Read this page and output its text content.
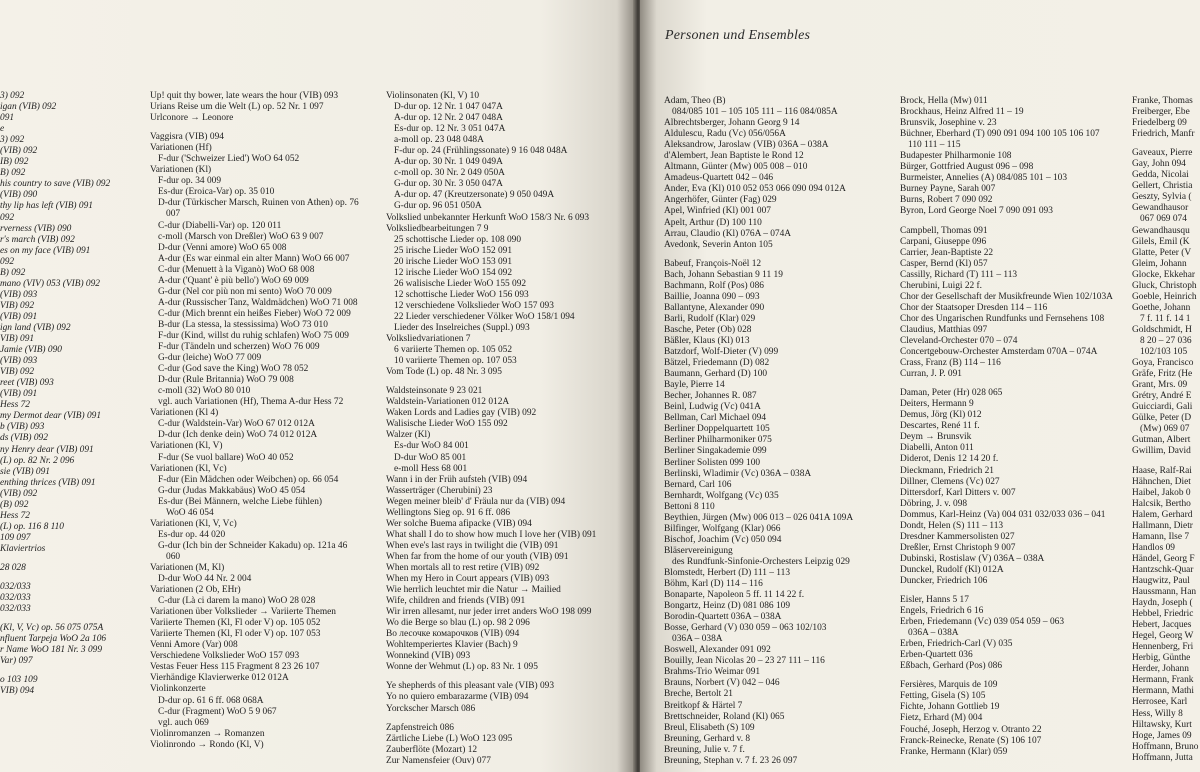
3) 092
igan (VIB) 092
091
e
3) 092
(VIB) 092
IB) 092
B) 092
his country to save (VIB) 092
(VIB) 090
thy lip has left (VIB) 091
092
rverness (VIB) 090
r's march (VIB) 092
es on my face (VIB) 091
092
B) 092
mano (VIV) 053 (VIB) 092
(VIB) 093
VIB) 092
(VIB) 091
ign land (VIB) 092
VIB) 091
Jamie (VIB) 090
(VIB) 093
VIB) 092
reet (VIB) 093
(VIB) 091
Hess 72
my Dermot dear (VIB) 091
b (VIB) 093
ds (VIB) 092
ny Henry dear (VIB) 091
(L) op. 82 Nr. 2 096
sie (VIB) 091
enthing thrices (VIB) 091
(VIB) 092
(B) 092
Hess 72
(L) op. 116 8 110
109 097
Klaviertrios
28 028
032/033
032/033
032/033
(Kl, V, Vc) op. 56 075 075A
nfluent Tarpeja WoO 2a 106
r Name WoO 181 Nr. 3 099
Var) 097
o 103 109
VIB) 094
Up! quit thy bower, late wears the hour (VIB) 093
Urians Reise um die Welt (L) op. 52 Nr. 1 097
Urlconore → Leonore
Vaggisra (VIB) 094
Variationen (Hf)
F-dur ('Schweizer Lied') WoO 64 052
Variationen (Kl)
F-dur op. 34 009
Es-dur (Eroica-Var) op. 35 010
D-dur (Türkischer Marsch, Ruinen von Athen) op. 76
007
C-dur (Diabelli-Var) op. 120 011
c-moll (Marsch von Dreßler) WoO 63 9 007
D-dur (Venni amore) WoO 65 008
A-dur (Es war einmal ein alter Mann) WoO 66 007
C-dur (Menuett à la Viganò) WoO 68 008
A-dur ('Quant' è più bello') WoO 69 009
G-dur (Nel cor più non mi sento) WoO 70 009
A-dur (Russischer Tanz, Waldmädchen) WoO 71 008
C-dur (Mich brennt ein heißes Fieber) WoO 72 009
B-dur (La stessa, la stessissima) WoO 73 010
F-dur (Kind, willst du ruhig schlafen) WoO 75 009
F-dur (Tändeln und scherzen) WoO 76 009
G-dur (leiche) WoO 77 009
C-dur (God save the King) WoO 78 052
D-dur (Rule Britannia) WoO 79 008
c-moll (32) WoO 80 010
vgl. auch Variationen (Hf), Thema A-dur Hess 72
Variationen (Kl 4)
C-dur (Waldstein-Var) WoO 67 012 012A
D-dur (Ich denke dein) WoO 74 012 012A
Variationen (Kl, V)
F-dur (Se vuol ballare) WoO 40 052
Variationen (Kl, Vc)
F-dur (Ein Mädchen oder Weibchen) op. 66 054
G-dur (Judas Makkabäus) WoO 45 054
Es-dur (Bei Männern, welche Liebe fühlen)
WoO 46 054
Variationen (Kl, V, Vc)
Es-dur op. 44 020
G-dur (Ich bin der Schneider Kakadu) op. 121a 46
060
Variationen (M, Kl)
D-dur WoO 44 Nr. 2 004
Variationen (2 Ob, EHr)
C-dur (Là ci darem la mano) WoO 28 028
Variationen über Volkslieder → Variierte Themen
Variierte Themen (Kl, Fl oder V) op. 105 052
Variierte Themen (Kl, Fl oder V) op. 107 053
Venni Amore (Var) 008
Verschiedene Volkslieder WoO 157 093
Vestas Feuer Hess 115 Fragment 8 23 26 107
Vierhändige Klavierwerke 012 012A
Violinkonzerte
D-dur op. 61 6 ff. 068 068A
C-dur (Fragment) WoO 5 9 067
vgl. auch 069
Violinromanzen → Romanzen
Violinrondo → Rondo (Kl, V)
Violinsonaten (Kl, V) 10
D-dur op. 12 Nr. 1 047 047A
A-dur op. 12 Nr. 2 047 048A
Es-dur op. 12 Nr. 3 051 047A
a-moll op. 23 048 048A
F-dur op. 24 (Frühlingssonate) 9 16 048 048A
A-dur op. 30 Nr. 1 049 049A
c-moll op. 30 Nr. 2 049 050A
G-dur op. 30 Nr. 3 050 047A
A-dur op. 47 (Kreutzersonate) 9 050 049A
G-dur op. 96 051 050A
Volkslied unbekannter Herkunft WoO 158/3 Nr. 6 093
Volksliedbearbeitungen 7 9
25 schottische Lieder op. 108 090
25 irische Lieder WoO 152 091
20 irische Lieder WoO 153 091
12 irische Lieder WoO 154 092
26 walisische Lieder WoO 155 092
12 schottische Lieder WoO 156 093
12 verschiedene Volkslieder WoO 157 093
22 Lieder verschiedener Völker WoO 158/1 094
Lieder des Inselreiches (Suppl.) 093
Volksliedvariationen 7
6 variierte Themen op. 105 052
10 variierte Themen op. 107 053
Vom Tode (L) op. 48 Nr. 3 095
Waldsteinsonate 9 23 021
Waldstein-Variationen 012 012A
Waken Lords and Ladies gay (VIB) 092
Walisische Lieder WoO 155 092
Walzer (Kl)
Es-dur WoO 84 001
D-dur WoO 85 001
e-moll Hess 68 001
Wann i in der Früh aufsteh (VIB) 094
Wasserträger (Cherubini) 23
Wegen meiner bleib' d' Fräula nur da (VIB) 094
Wellingtons Sieg op. 91 6 ff. 086
Wer solche Buema afipacke (VIB) 094
What shall I do to show how much I love her (VIB) 091
When eve's last rays in twilight die (VIB) 091
When far from the home of our youth (VIB) 091
When mortals all to rest retire (VIB) 092
When my Hero in Court appears (VIB) 093
Wie herrlich leuchtet mir die Natur → Mailied
Wife, children and friends (VIB) 091
Wir irren allesamt, nur jeder irret anders WoO 198 099
Wo die Berge so blau (L) op. 98 2 096
Во лесочке комарочков (VIB) 094
Wohltemperiertes Klavier (Bach) 9
Wonnekind (VIB) 093
Wonne der Wehmut (L) op. 83 Nr. 1 095
Ye shepherds of this pleasant vale (VIB) 093
Yo no quiero embarazarme (VIB) 094
Yorckscher Marsch 086
Zapfenstreich 086
Zärtliche Liebe (L) WoO 123 095
Zauberflöte (Mozart) 12
Zur Namensfeier (Ouv) 077
Adam, Theo (B)
084/085 101 – 105 105 111 – 116 084/085A
Albrechtsberger, Johann Georg 9 14
Aldulescu, Radu (Vc) 056/056A
Aleksandrow, Jaroslaw (VIB) 036A – 038A
d'Alembert, Jean Baptiste le Rond 12
Altmann, Günter (Mw) 005 008 – 010
Amadeus-Quartett 042 – 046
Ander, Eva (Kl) 010 052 053 066 090 094 012A
Angerhöfer, Günter (Fag) 029
Apel, Winfried (Kl) 001 007
Apelt, Arthur (D) 100 110
Arrau, Claudio (Kl) 076A – 074A
Avedonk, Severin Anton 105
Babeuf, François-Noël 12
Bach, Johann Sebastian 9 11 19
Bachmann, Rolf (Pos) 086
Baillie, Joanna 090 – 093
Ballantyne, Alexander 090
Barli, Rudolf (Klar) 029
Basche, Peter (Ob) 028
Bäßler, Klaus (Kl) 013
Batzdorf, Wolf-Dieter (V) 099
Bätzel, Friedemann (D) 082
Baumann, Gerhard (D) 100
Bayle, Pierre 14
Becher, Johannes R. 087
Beinl, Ludwig (Vc) 041A
Bellman, Carl Michael 094
Berliner Doppelquartett 105
Berliner Philharmoniker 075
Berliner Singakademie 099
Berliner Solisten 099 100
Berlinski, Wladimir (Vc) 036A – 038A
Bernard, Carl 106
Bernhardt, Wolfgang (Vc) 035
Bettoni 8 110
Beythien, Jürgen (Mw) 006 013 – 026 041A 109A
Bilfinger, Wolfgang (Klar) 066
Bischof, Joachim (Vc) 050 094
Bläservereinigung
des Rundfunk-Sinfonie-Orchesters Leipzig 029
Blomstedt, Herbert (D) 111 – 113
Böhm, Karl (D) 114 – 116
Bonaparte, Napoleon 5 ff. 11 14 22 f.
Bongartz, Heinz (D) 081 086 109
Borodin-Quartett 036A – 038A
Bosse, Gerhard (V) 030 059 – 063 102/103
036A – 038A
Boswell, Alexander 091 092
Bouilly, Jean Nicolas 20 – 23 27 111 – 116
Brahms-Trio Weimar 091
Brauns, Norbert (V) 042 – 046
Breche, Bertolt 21
Breitkopf & Härtel 7
Brettschneider, Roland (Kl) 065
Breul, Elisabeth (S) 109
Breuning, Gerhard v. 8
Breuning, Julie v. 7 f.
Breuning, Stephan v. 7 f. 23 26 097
Brock, Hella (Mw) 011
Brockhaus, Heinz Alfred 11 – 19
Brunsvik, Josephine v. 23
Büchner, Eberhard (T) 090 091 094 100 105 106 107
110 111 – 115
Budapester Philharmonie 108
Bürger, Gottfried August 096 – 098
Burmeister, Annelies (A) 084/085 101 – 103
Burney Payne, Sarah 007
Burns, Robert 7 090 092
Byron, Lord George Noel 7 090 091 093
Campbell, Thomas 091
Carpani, Giuseppe 096
Carrier, Jean-Baptiste 22
Casper, Bernd (Kl) 057
Cassilly, Richard (T) 111 – 113
Cherubini, Luigi 22 f.
Chor der Gesellschaft der Musikfreunde Wien 102/103A
Chor der Staatsoper Dresden 114 – 116
Chor des Ungarischen Rundfunks und Fernsehens 108
Claudius, Matthias 097
Cleveland-Orchester 070 – 074
Concertgebouw-Orchester Amsterdam 070A – 074A
Crass, Franz (B) 114 – 116
Curran, J. P. 091
Daman, Peter (Hr) 028 065
Deiters, Hermann 9
Demus, Jörg (Kl) 012
Descartes, René 11 f.
Deym → Brunsvik
Diabelli, Anton 011
Diderot, Denis 12 14 20 f.
Dieckmann, Friedrich 21
Dillner, Clemens (Vc) 027
Dittersdorf, Karl Ditters v. 007
Döbring, J. v. 098
Dommus, Karl-Heinz (Va) 004 031 032/033 036 – 041
Dondt, Helen (S) 111 – 113
Dresdner Kammersolisten 027
Dreßler, Ernst Christoph 9 007
Dubinski, Rostislaw (V) 036A – 038A
Dunckel, Rudolf (Kl) 012A
Duncker, Friedrich 106
Eisler, Hanns 5 17
Engels, Friedrich 6 16
Erben, Friedemann (Vc) 039 054 059 – 063
036A – 038A
Erben, Friedrich-Carl (V) 035
Erben-Quartett 036
Eßbach, Gerhard (Pos) 086
Fersières, Marquis de 109
Fetting, Gisela (S) 105
Fichte, Johann Gottlieb 19
Fietz, Erhard (M) 004
Fouché, Joseph, Herzog v. Otranto 22
Franck-Reinecke, Renate (S) 106 107
Franke, Hermann (Klar) 059
Franke, Thomas
Freiberger, Ebe
Friedelberg 09
Friedrich, Manfr
Gaveaux, Pierre
Gay, John 094
Gedda, Nicolai
Gellert, Christia
Geszty, Sylvia (
Gewandhausor
067 069 074
Gewandhausqu
Gilels, Emil (K
Glatte, Peter (V
Gleim, Johann
Glocke, Ekkehar
Gluck, Christoph
Goeble, Heinrich
Goethe, Johann
7 f. 11 f. 14 1
Goldschmidt, H
8 20 – 27 036
102/103 105
Goya, Francisco
Gräfe, Fritz (He
Grant, Mrs. 09
Grétry, André E
Guicciardi, Gali
Gülke, Peter (D
(Mw) 069 07
Gutman, Albert
Gwillim, David
Haase, Ralf-Rai
Hähnchen, Diet
Haibel, Jakob 0
Halcsik, Bertho
Halem, Gerhard
Hallmann, Dietr
Hamann, Ilse 7
Handlos 09
Händel, Georg F
Hantzschk-Quar
Haugwitz, Paul
Haussmann, Han
Haydn, Joseph (
Hebbel, Friedric
Hebert, Jacques
Hegel, Georg W
Hennenberg, Fri
Herbig, Günthe
Herder, Johann
Hermann, Frank
Hermann, Mathi
Herrosee, Karl
Hess, Willy 8
Hiltawsky, Kurt
Hoge, James 09
Hoffmann, Bruno
Hoffmann, Jutta
Personen und Ensembles
